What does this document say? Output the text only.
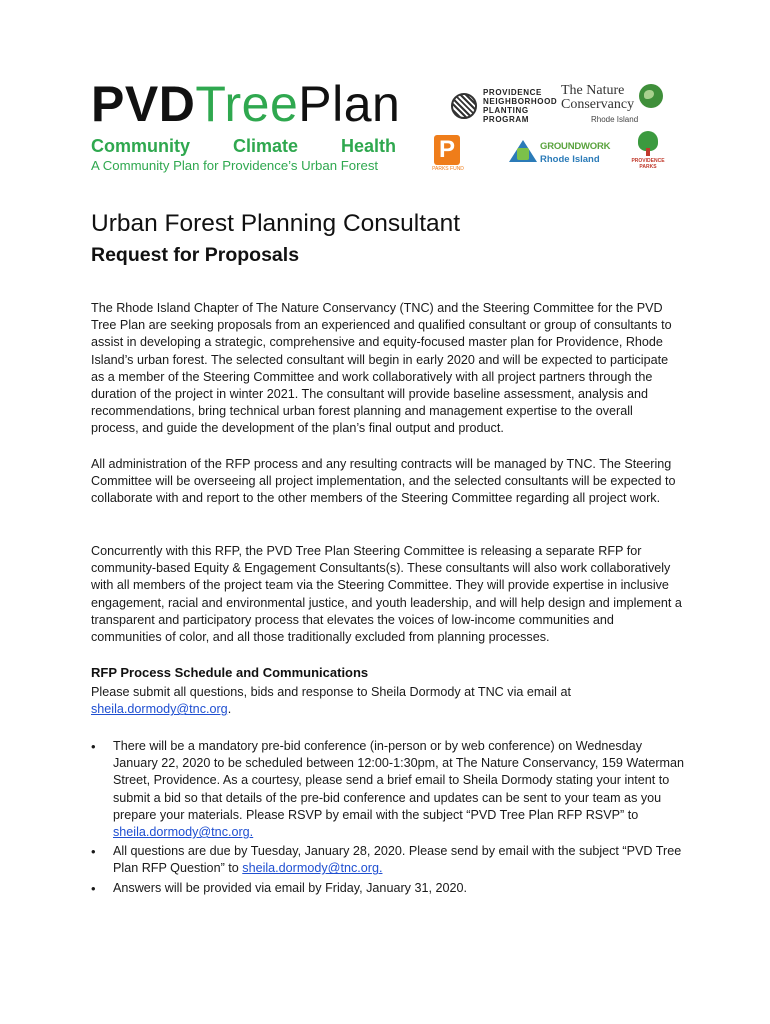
PVDTreePlan
Community Climate Health
A Community Plan for Providence’s Urban Forest
PROVIDENCE
NEIGHBORHOOD
PLANTING
PROGRAM
The Nature
Conservancy
Rhode Island
P
PARKS FUND
GROUNDWORK
Rhode Island	PROVIDENCE PARKS
Urban Forest Planning Consultant
Request for Proposals

The Rhode Island Chapter of The Nature Conservancy (TNC) and the Steering Committee for the PVD Tree Plan are seeking proposals from an experienced and qualified consultant or group of consultants to assist in developing a strategic, comprehensive and equity-focused master plan for Providence, Rhode Island’s urban forest. The selected consultant will begin in early 2020 and will be expected to participate as a member of the Steering Committee and work collaboratively with all project partners through the duration of the project in winter 2021. The consultant will provide baseline assessment, analysis and recommendations, bring technical urban forest planning and management expertise to the overall process, and guide the development of the plan’s final output and product.

All administration of the RFP process and any resulting contracts will be managed by TNC. The Steering Committee will be overseeing all project implementation, and the selected consultants will be expected to collaborate with and report to the other members of the Steering Committee regarding all project work.

Concurrently with this RFP, the PVD Tree Plan Steering Committee is releasing a separate RFP for community-based Equity & Engagement Consultants(s). These consultants will also work collaboratively with all members of the project team via the Steering Committee. They will provide expertise in inclusive engagement, racial and environmental justice, and youth leadership, and will help design and implement a transparent and participatory process that elevates the voices of low-income communities and communities of color, and all those traditionally excluded from planning processes.

RFP Process Schedule and Communications

Please submit all questions, bids and response to Sheila Dormody at TNC via email at
sheila.dormody@tnc.org.

• There will be a mandatory pre-bid conference (in-person or by web conference) on Wednesday January 22, 2020 to be scheduled between 12:00-1:30pm, at The Nature Conservancy, 159 Waterman Street, Providence. As a courtesy, please send a brief email to Sheila Dormody stating your intent to submit a bid so that details of the pre-bid conference and updates can be sent to your team as you prepare your materials. Please RSVP by email with the subject “PVD Tree Plan RFP RSVP” to sheila.dormody@tnc.org.
• All questions are due by Tuesday, January 28, 2020. Please send by email with the subject “PVD Tree Plan RFP Question” to sheila.dormody@tnc.org.
• Answers will be provided via email by Friday, January 31, 2020.
